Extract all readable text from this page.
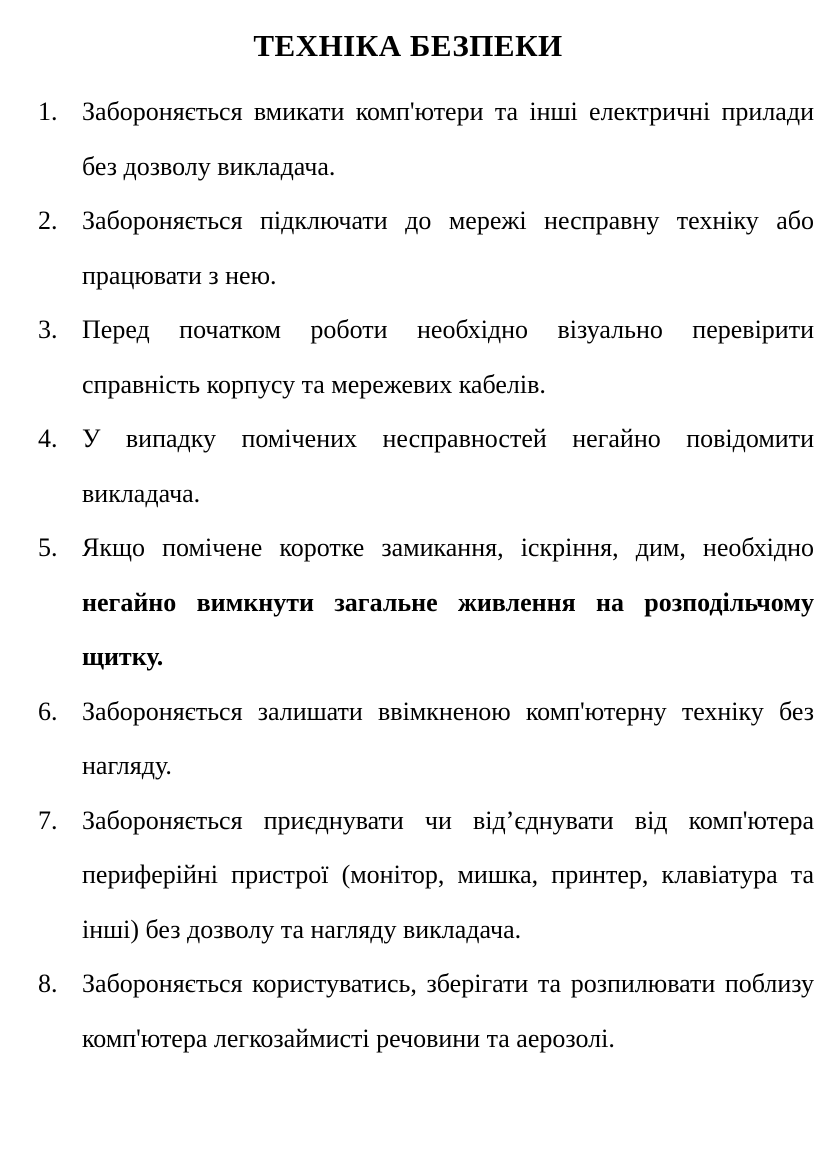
ТЕХНІКА БЕЗПЕКИ
1. Забороняється вмикати комп'ютери та інші електричні прилади без дозволу викладача.
2. Забороняється підключати до мережі несправну техніку або працювати з нею.
3. Перед початком роботи необхідно візуально перевірити справність корпусу та мережевих кабелів.
4. У випадку помічених несправностей негайно повідомити викладача.
5. Якщо помічене коротке замикання, іскріння, дим, необхідно негайно вимкнути загальне живлення на розподільчому щитку.
6. Забороняється залишати ввімкненою комп'ютерну техніку без нагляду.
7. Забороняється приєднувати чи від’єднувати від комп'ютера периферійні пристрої (монітор, мишка, принтер, клавіатура та інші) без дозволу та нагляду викладача.
8. Забороняється користуватись, зберігати та розпилювати поблизу комп'ютера легкозаймисті речовини та аерозолі.
